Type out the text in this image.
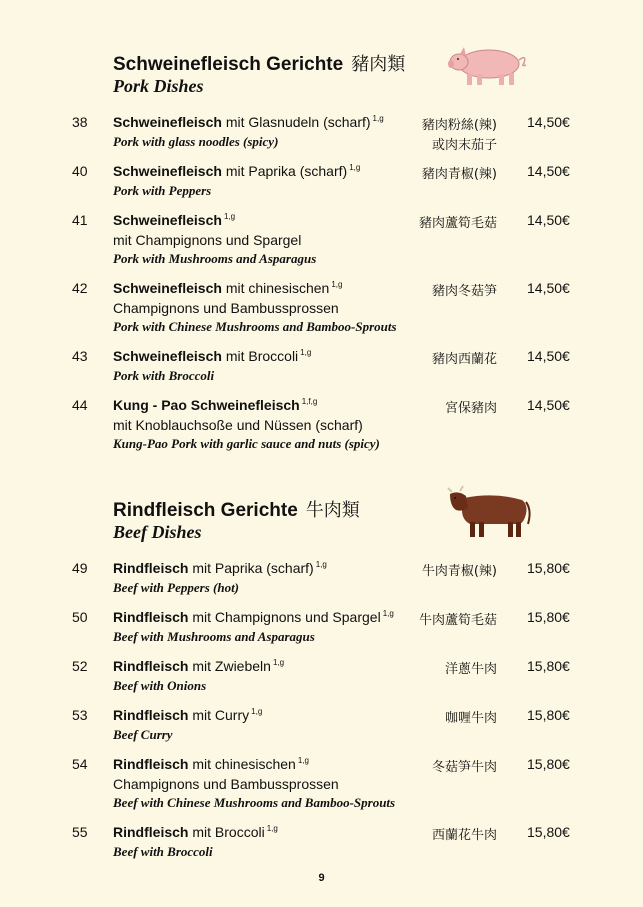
Schweinefleisch Gerichte 豬肉類
Pork Dishes
38	Schweinefleisch mit Glasnudeln (scharf) $^{1,g}$
Pork with glass noodles (spicy)
豬肉粉絲(辣)
或肉末茄子
14,50€
40	Schweinefleisch mit Paprika (scharf) $^{1,g}$
Pork with Peppers
豬肉青椒(辣) 14,50€
41	Schweinefleisch $^{1,g}$
mit Champignons und Spargel
Pork with Mushrooms and Asparagus
豬肉蘆筍毛菇 14,50€
42	Schweinefleisch mit chinesischen $^{1,g}$
Champignons und Bambussprossen
Pork with Chinese Mushrooms and Bamboo-Sprouts
豬肉冬菇笋 14,50€
43	Schweinefleisch mit Broccoli $^{1,g}$
Pork with Broccoli
豬肉西蘭花 14,50€
44	Kung - Pao Schweinefleisch $^{1,f,g}$
mit Knoblauchsoße und Nüssen (scharf)
Kung-Pao Pork with garlic sauce and nuts (spicy)
宮保豬肉 14,50€
Rindfleisch Gerichte 牛肉類
Beef Dishes
49	Rindfleisch mit Paprika (scharf) $^{1,g}$
Beef with Peppers (hot)
牛肉青椒(辣) 15,80€
50	Rindfleisch mit Champignons und Spargel $^{1,g}$
Beef with Mushrooms and Asparagus
牛肉蘆筍毛菇 15,80€
52	Rindfleisch mit Zwiebeln $^{1,g}$
Beef with Onions
洋蔥牛肉 15,80€
53	Rindfleisch mit Curry $^{1,g}$
Beef Curry
咖喱牛肉 15,80€
54	Rindfleisch mit chinesischen $^{1,g}$
Champignons und Bambussprossen
Beef with Chinese Mushrooms and Bamboo-Sprouts
冬菇笋牛肉 15,80€
55	Rindfleisch mit Broccoli $^{1,g}$
Beef with Broccoli
西蘭花牛肉 15,80€
9
